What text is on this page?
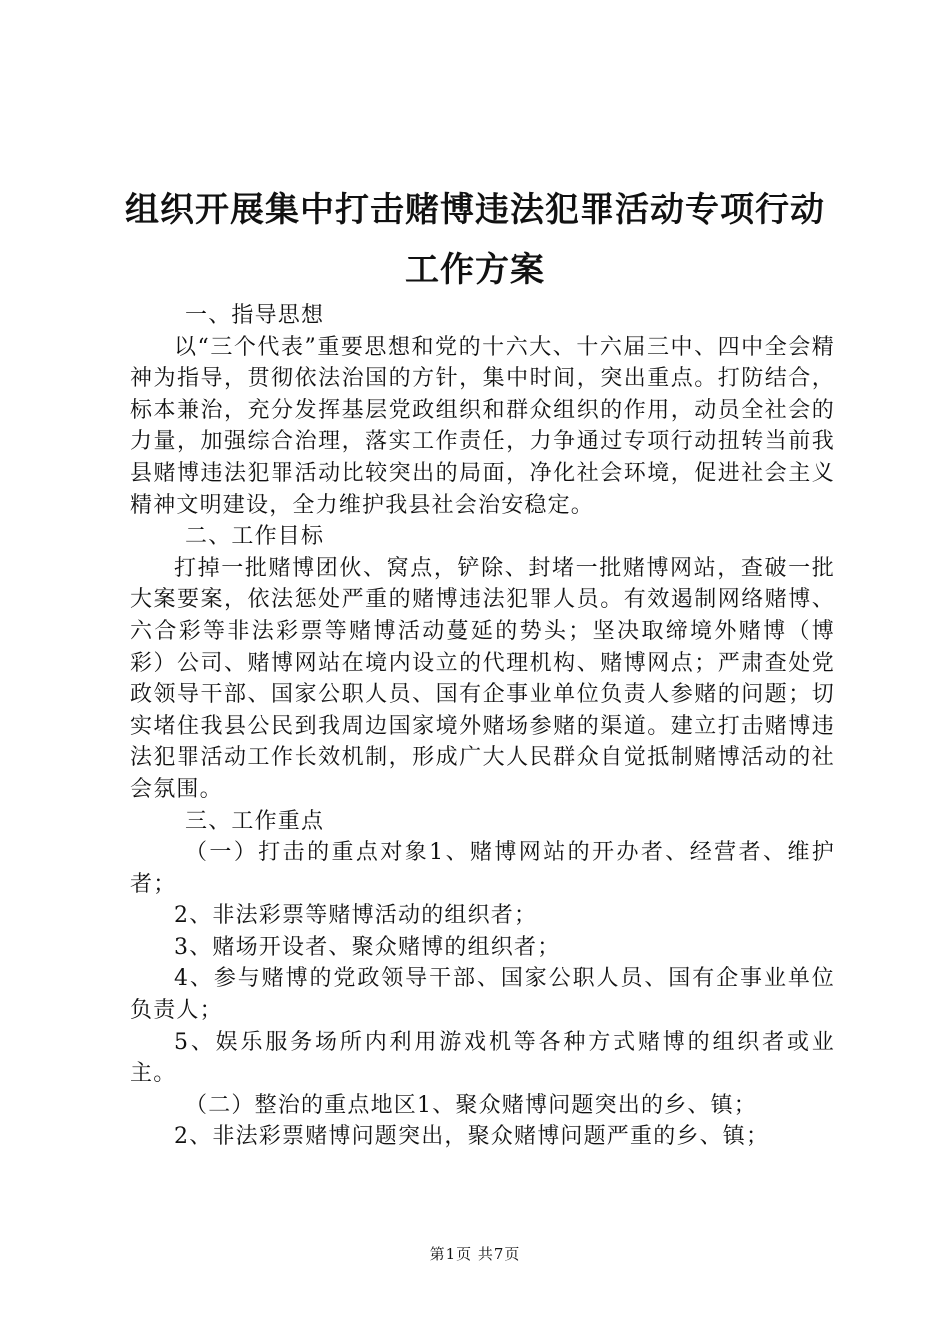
组织开展集中打击赌博违法犯罪活动专项行动
工作方案

一、指导思想

以“三个代表”重要思想和党的十六大、十六届三中、四中全会精神为指导，贯彻依法治国的方针，集中时间，突出重点。打防结合，标本兼治，充分发挥基层党政组织和群众组织的作用，动员全社会的力量，加强综合治理，落实工作责任，力争通过专项行动扭转当前我县赌博违法犯罪活动比较突出的局面，净化社会环境，促进社会主义精神文明建设，全力维护我县社会治安稳定。

二、工作目标

打掉一批赌博团伙、窝点，铲除、封堵一批赌博网站，查破一批大案要案，依法惩处严重的赌博违法犯罪人员。有效遏制网络赌博、六合彩等非法彩票等赌博活动蔓延的势头；坚决取缔境外赌博（博彩）公司、赌博网站在境内设立的代理机构、赌博网点；严肃查处党政领导干部、国家公职人员、国有企事业单位负责人参赌的问题；切实堵住我县公民到我周边国家境外赌场参赌的渠道。建立打击赌博违法犯罪活动工作长效机制，形成广大人民群众自觉抵制赌博活动的社会氛围。

三、工作重点

（一）打击的重点对象1、赌博网站的开办者、经营者、维护者；

2、非法彩票等赌博活动的组织者；

3、赌场开设者、聚众赌博的组织者；

4、参与赌博的党政领导干部、国家公职人员、国有企事业单位负责人；

5、娱乐服务场所内利用游戏机等各种方式赌博的组织者或业主。

（二）整治的重点地区1、聚众赌博问题突出的乡、镇；

2、非法彩票赌博问题突出，聚众赌博问题严重的乡、镇；

第1页 共7页
